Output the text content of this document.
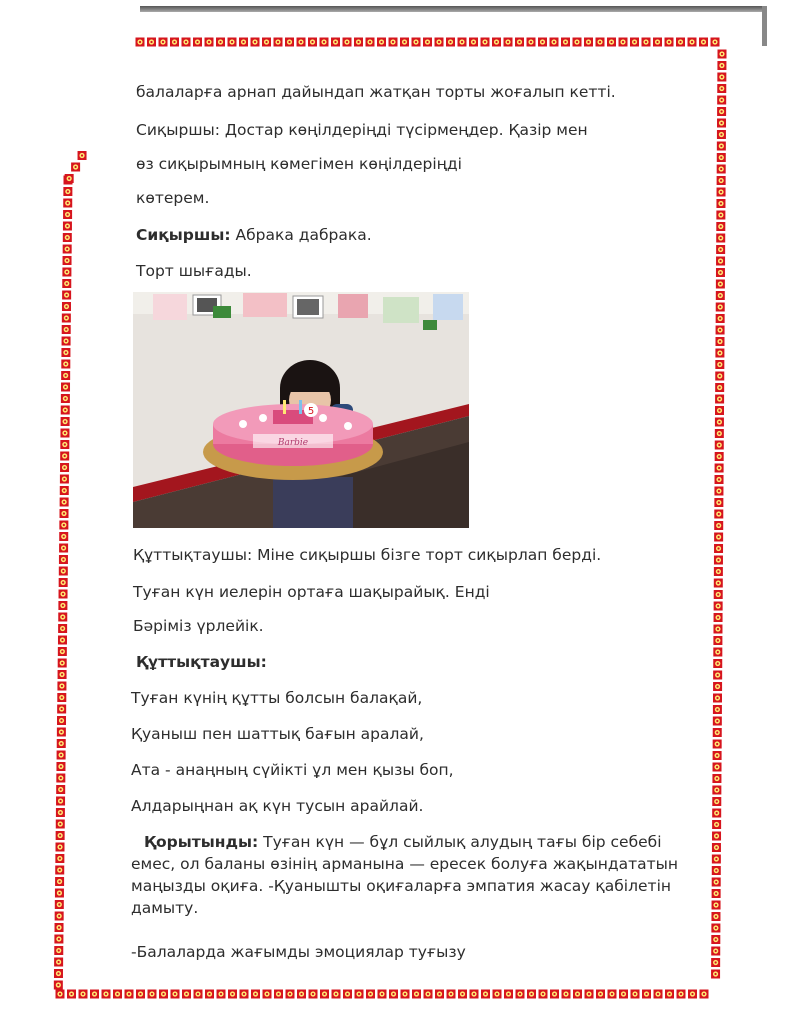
балаларға арнап дайындап жатқан торты жоғалып кетті.
Сиқыршы: Достар көңілдеріңді түсірмеңдер. Қазір мен
өз сиқырымның көмегімен көңілдеріңді
көтерем.
Сиқыршы: Абрака дабрака.
Торт шығады.
5
Barbie
Құттықтаушы: Міне сиқыршы бізге торт сиқырлап берді.
Туған күн иелерін ортаға шақырайық. Енді
Бәріміз үрлейік.
Құттықтаушы:
Туған күнің құтты болсын балақай,
Қуаныш пен шаттық бағын аралай,
Ата - анаңның сүйікті ұл мен қызы боп,
Алдарыңнан ақ күн тусын арайлай.
Қорытынды: Туған күн — бұл сыйлық алудың тағы бір себебі емес, ол баланы өзінің арманына — ересек болуға жақындататын маңызды оқиға. -Қуанышты оқиғаларға эмпатия жасау қабілетін дамыту.
-Балаларда жағымды эмоциялар туғызу
